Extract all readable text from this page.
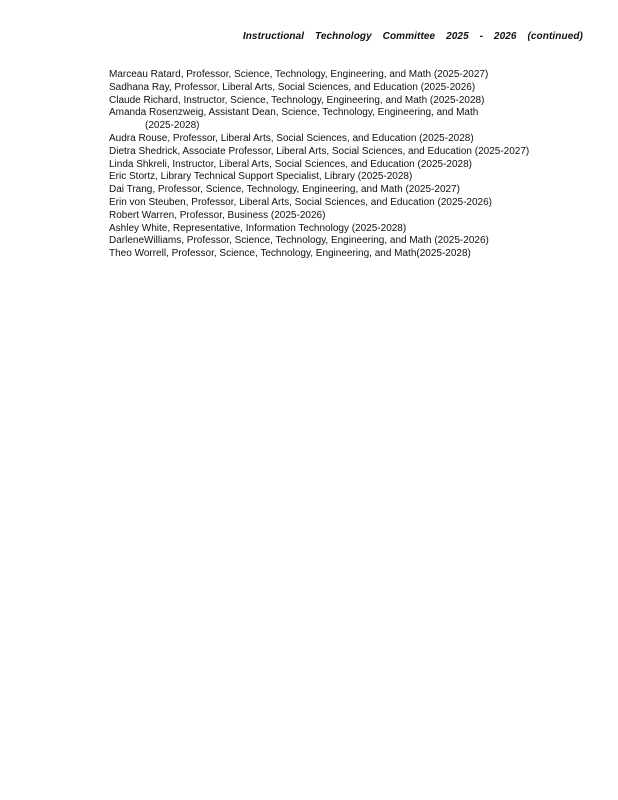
Instructional Technology Committee 2025 - 2026 (continued)
Marceau Ratard, Professor, Science, Technology, Engineering, and Math (2025-2027)
Sadhana Ray, Professor, Liberal Arts, Social Sciences, and Education (2025-2026)
Claude Richard, Instructor, Science, Technology, Engineering, and Math (2025-2028)
Amanda Rosenzweig, Assistant Dean, Science, Technology, Engineering, and Math
(2025-2028)
Audra Rouse, Professor, Liberal Arts, Social Sciences, and Education (2025-2028)
Dietra Shedrick, Associate Professor, Liberal Arts, Social Sciences, and Education (2025-2027)
Linda Shkreli, Instructor, Liberal Arts, Social Sciences, and Education (2025-2028)
Eric Stortz, Library Technical Support Specialist, Library (2025-2028)
Dai Trang, Professor, Science, Technology, Engineering, and Math (2025-2027)
Erin von Steuben, Professor, Liberal Arts, Social Sciences, and Education (2025-2026)
Robert Warren, Professor, Business (2025-2026)
Ashley White, Representative, Information Technology (2025-2028)
DarleneWilliams, Professor, Science, Technology, Engineering, and Math (2025-2026)
Theo Worrell, Professor, Science, Technology, Engineering, and Math(2025-2028)
